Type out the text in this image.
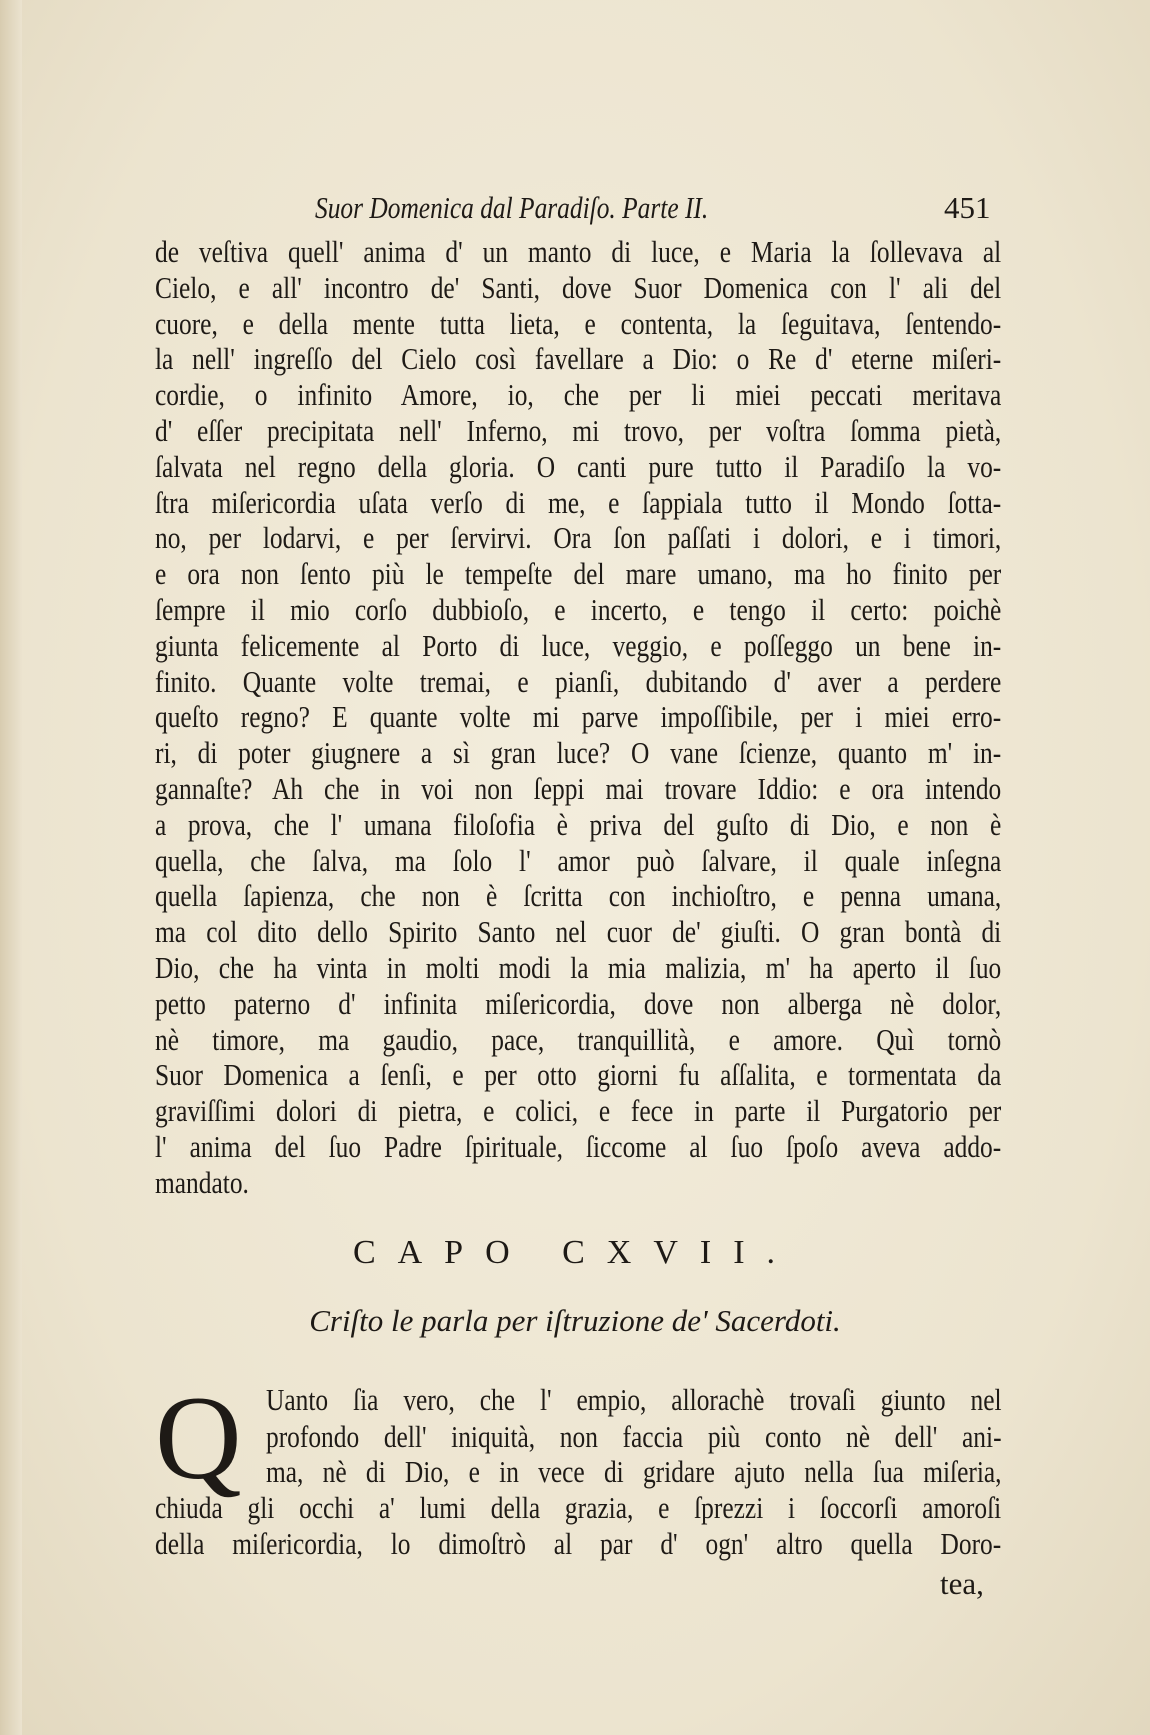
Suor Domenica dal Paradiſo. Parte II.	451
de veſtiva quell' anima d' un manto di luce, e Maria la ſollevava al
Cielo, e all' incontro de' Santi, dove Suor Domenica con l' ali del
cuore, e della mente tutta lieta, e contenta, la ſeguitava, ſentendo-
la nell' ingreſſo del Cielo così favellare a Dio: o Re d' eterne miſeri-
cordie, o infinito Amore, io, che per li miei peccati meritava
d' eſſer precipitata nell' Inferno, mi trovo, per voſtra ſomma pietà,
ſalvata nel regno della gloria. O canti pure tutto il Paradiſo la vo-
ſtra miſericordia uſata verſo di me, e ſappiala tutto il Mondo ſotta-
no, per lodarvi, e per ſervirvi. Ora ſon paſſati i dolori, e i timori,
e ora non ſento più le tempeſte del mare umano, ma ho finito per
ſempre il mio corſo dubbioſo, e incerto, e tengo il certo: poichè
giunta felicemente al Porto di luce, veggio, e poſſeggo un bene in-
finito. Quante volte tremai, e pianſi, dubitando d' aver a perdere
queſto regno? E quante volte mi parve impoſſibile, per i miei erro-
ri, di poter giugnere a sì gran luce? O vane ſcienze, quanto m' in-
gannaſte? Ah che in voi non ſeppi mai trovare Iddio: e ora intendo
a prova, che l' umana filoſofia è priva del guſto di Dio, e non è
quella, che ſalva, ma ſolo l' amor può ſalvare, il quale inſegna
quella ſapienza, che non è ſcritta con inchioſtro, e penna umana,
ma col dito dello Spirito Santo nel cuor de' giuſti. O gran bontà di
Dio, che ha vinta in molti modi la mia malizia, m' ha aperto il ſuo
petto paterno d' infinita miſericordia, dove non alberga nè dolor,
nè timore, ma gaudio, pace, tranquillità, e amore. Quì tornò
Suor Domenica a ſenſi, e per otto giorni fu aſſalita, e tormentata da
graviſſimi dolori di pietra, e colici, e fece in parte il Purgatorio per
l' anima del ſuo Padre ſpirituale, ſiccome al ſuo ſpoſo aveva addo-
mandato.
CAPO CXVII.
Criſto le parla per iſtruzione de' Sacerdoti.
Q Uanto ſia vero, che l' empio, allorachè trovaſi giunto nel
profondo dell' iniquità, non faccia più conto nè dell' ani-
ma, nè di Dio, e in vece di gridare ajuto nella ſua miſeria,
chiuda gli occhi a' lumi della grazia, e ſprezzi i ſoccorſi amoroſi
della miſericordia, lo dimoſtrò al par d' ogn' altro quella Doro-
tea,
